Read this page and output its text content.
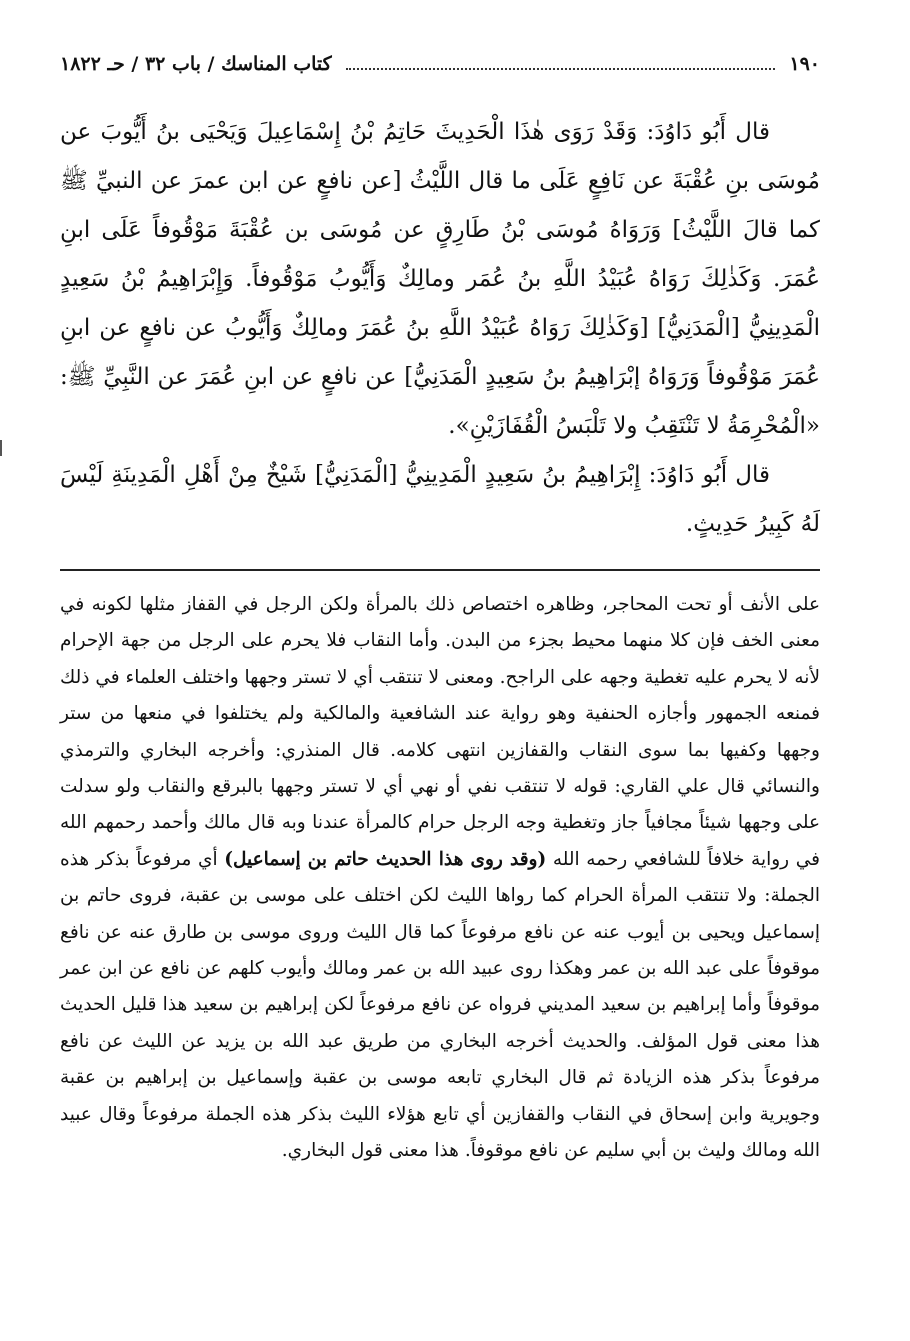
١٩٠
كتاب المناسك / باب ٣٢ / حـ ١٨٢٢

قال أَبُو دَاوُدَ: وَقَدْ رَوَى هٰذَا الْحَدِيثَ حَاتِمُ بْنُ إِسْمَاعِيلَ وَيَحْيَى بنُ أَيُّوبَ عن مُوسَى بنِ عُقْبَةَ عن نَافِعٍ عَلَى ما قال اللَّيْثُ [عن نافعٍ عن ابن عمرَ عن النبيِّ ﷺ كما قالَ اللَّيْثُ] وَرَوَاهُ مُوسَى بْنُ طَارِقٍ عن مُوسَى بن عُقْبَةَ مَوْقُوفاً عَلَى ابنِ عُمَرَ. وَكَذٰلِكَ رَوَاهُ عُبَيْدُ اللَّهِ بنُ عُمَر ومالِكٌ وَأَيُّوبُ مَوْقُوفاً. وَإِبْرَاهِيمُ بْنُ سَعِيدٍ الْمَدِينِيُّ [الْمَدَنِيُّ] [وَكَذٰلِكَ رَوَاهُ عُبَيْدُ اللَّهِ بنُ عُمَرَ ومالِكٌ وَأَيُّوبُ عن نافعٍ عن ابنِ عُمَرَ مَوْقُوفاً وَرَوَاهُ إبْرَاهِيمُ بنُ سَعِيدٍ الْمَدَنِيُّ] عن نافعٍ عن ابنِ عُمَرَ عن النَّبِيِّ ﷺ: «الْمُحْرِمَةُ لا تَنْتَقِبُ ولا تَلْبَسُ الْقُفَازَيْنِ».

قال أَبُو دَاوُدَ: إِبْرَاهِيمُ بنُ سَعِيدٍ الْمَدِينِيُّ [الْمَدَنِيُّ] شَيْخٌ مِنْ أَهْلِ الْمَدِينَةِ لَيْسَ لَهُ كَبِيرُ حَدِيثٍ.

على الأنف أو تحت المحاجر، وظاهره اختصاص ذلك بالمرأة ولكن الرجل في القفاز مثلها لكونه في معنى الخف فإن كلا منهما محيط بجزء من البدن. وأما النقاب فلا يحرم على الرجل من جهة الإحرام لأنه لا يحرم عليه تغطية وجهه على الراجح. ومعنى لا تنتقب أي لا تستر وجهها واختلف العلماء في ذلك فمنعه الجمهور وأجازه الحنفية وهو رواية عند الشافعية والمالكية ولم يختلفوا في منعها من ستر وجهها وكفيها بما سوى النقاب والقفازين انتهى كلامه. قال المنذري: وأخرجه البخاري والترمذي والنسائي قال علي القاري: قوله لا تنتقب نفي أو نهي أي لا تستر وجهها بالبرقع والنقاب ولو سدلت على وجهها شيئاً مجافياً جاز وتغطية وجه الرجل حرام كالمرأة عندنا وبه قال مالك وأحمد رحمهم الله في رواية خلافاً للشافعي رحمه الله (وقد روى هذا الحديث حاتم بن إسماعيل) أي مرفوعاً بذكر هذه الجملة: ولا تنتقب المرأة الحرام كما رواها الليث لكن اختلف على موسى بن عقبة، فروى حاتم بن إسماعيل ويحيى بن أيوب عنه عن نافع مرفوعاً كما قال الليث وروى موسى بن طارق عنه عن نافع موقوفاً على عبد الله بن عمر وهكذا روى عبيد الله بن عمر ومالك وأيوب كلهم عن نافع عن ابن عمر موقوفاً وأما إبراهيم بن سعيد المديني فرواه عن نافع مرفوعاً لكن إبراهيم بن سعيد هذا قليل الحديث هذا معنى قول المؤلف. والحديث أخرجه البخاري من طريق عبد الله بن يزيد عن الليث عن نافع مرفوعاً بذكر هذه الزيادة ثم قال البخاري تابعه موسى بن عقبة وإسماعيل بن إبراهيم بن عقبة وجويرية وابن إسحاق في النقاب والقفازين أي تابع هؤلاء الليث بذكر هذه الجملة مرفوعاً وقال عبيد الله ومالك وليث بن أبي سليم عن نافع موقوفاً. هذا معنى قول البخاري.
